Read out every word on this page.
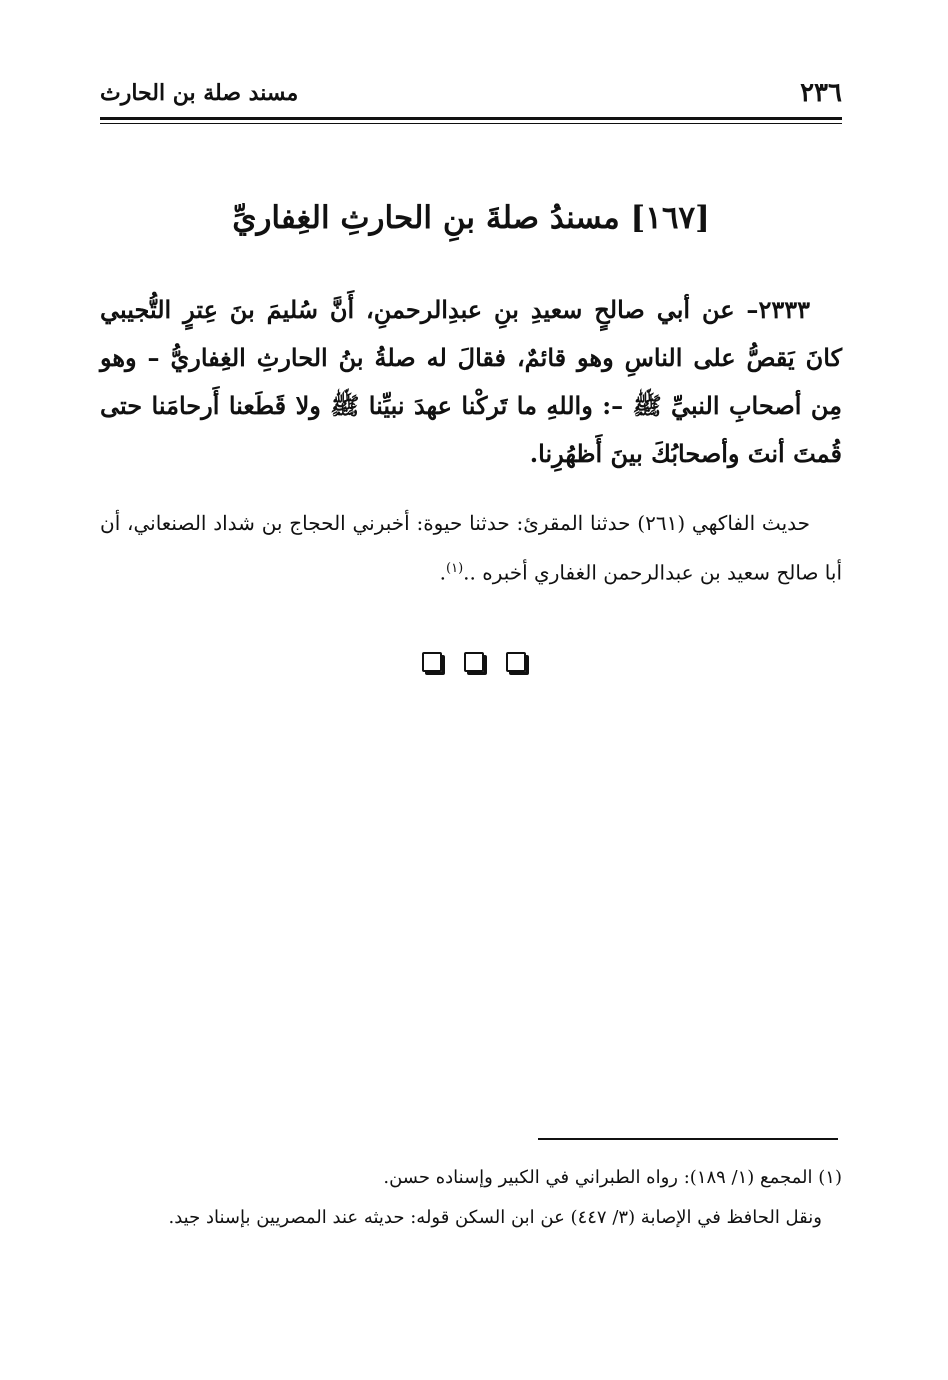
٢٣٦
مسند صلة بن الحارث
[١٦٧] مسندُ صلةَ بنِ الحارثِ الغِفاريِّ
٢٣٣٣– عن أبي صالحٍ سعيدِ بنِ عبدِالرحمنِ، أَنَّ سُليمَ بنَ عِترٍ التُّجيبي كانَ يَقصُّ على الناسِ وهو قائمٌ، فقالَ له صلةُ بنُ الحارثِ الغِفاريُّ – وهو مِن أصحابِ النبيِّ ﷺ –: واللهِ ما تَركْنا عهدَ نبيِّنا ﷺ ولا قَطَعنا أَرحامَنا حتى قُمتَ أنتَ وأصحابُكَ بينَ أَظهُرِنا.
حديث الفاكهي (٢٦١) حدثنا المقرئ: حدثنا حيوة: أخبرني الحجاج بن شداد الصنعاني، أن أبا صالح سعيد بن عبدالرحمن الغفاري أخبره ..$^{(١)}$.
(١) المجمع (١/ ١٨٩): رواه الطبراني في الكبير وإسناده حسن.
ونقل الحافظ في الإصابة (٣/ ٤٤٧) عن ابن السكن قوله: حديثه عند المصريين بإسناد جيد.
